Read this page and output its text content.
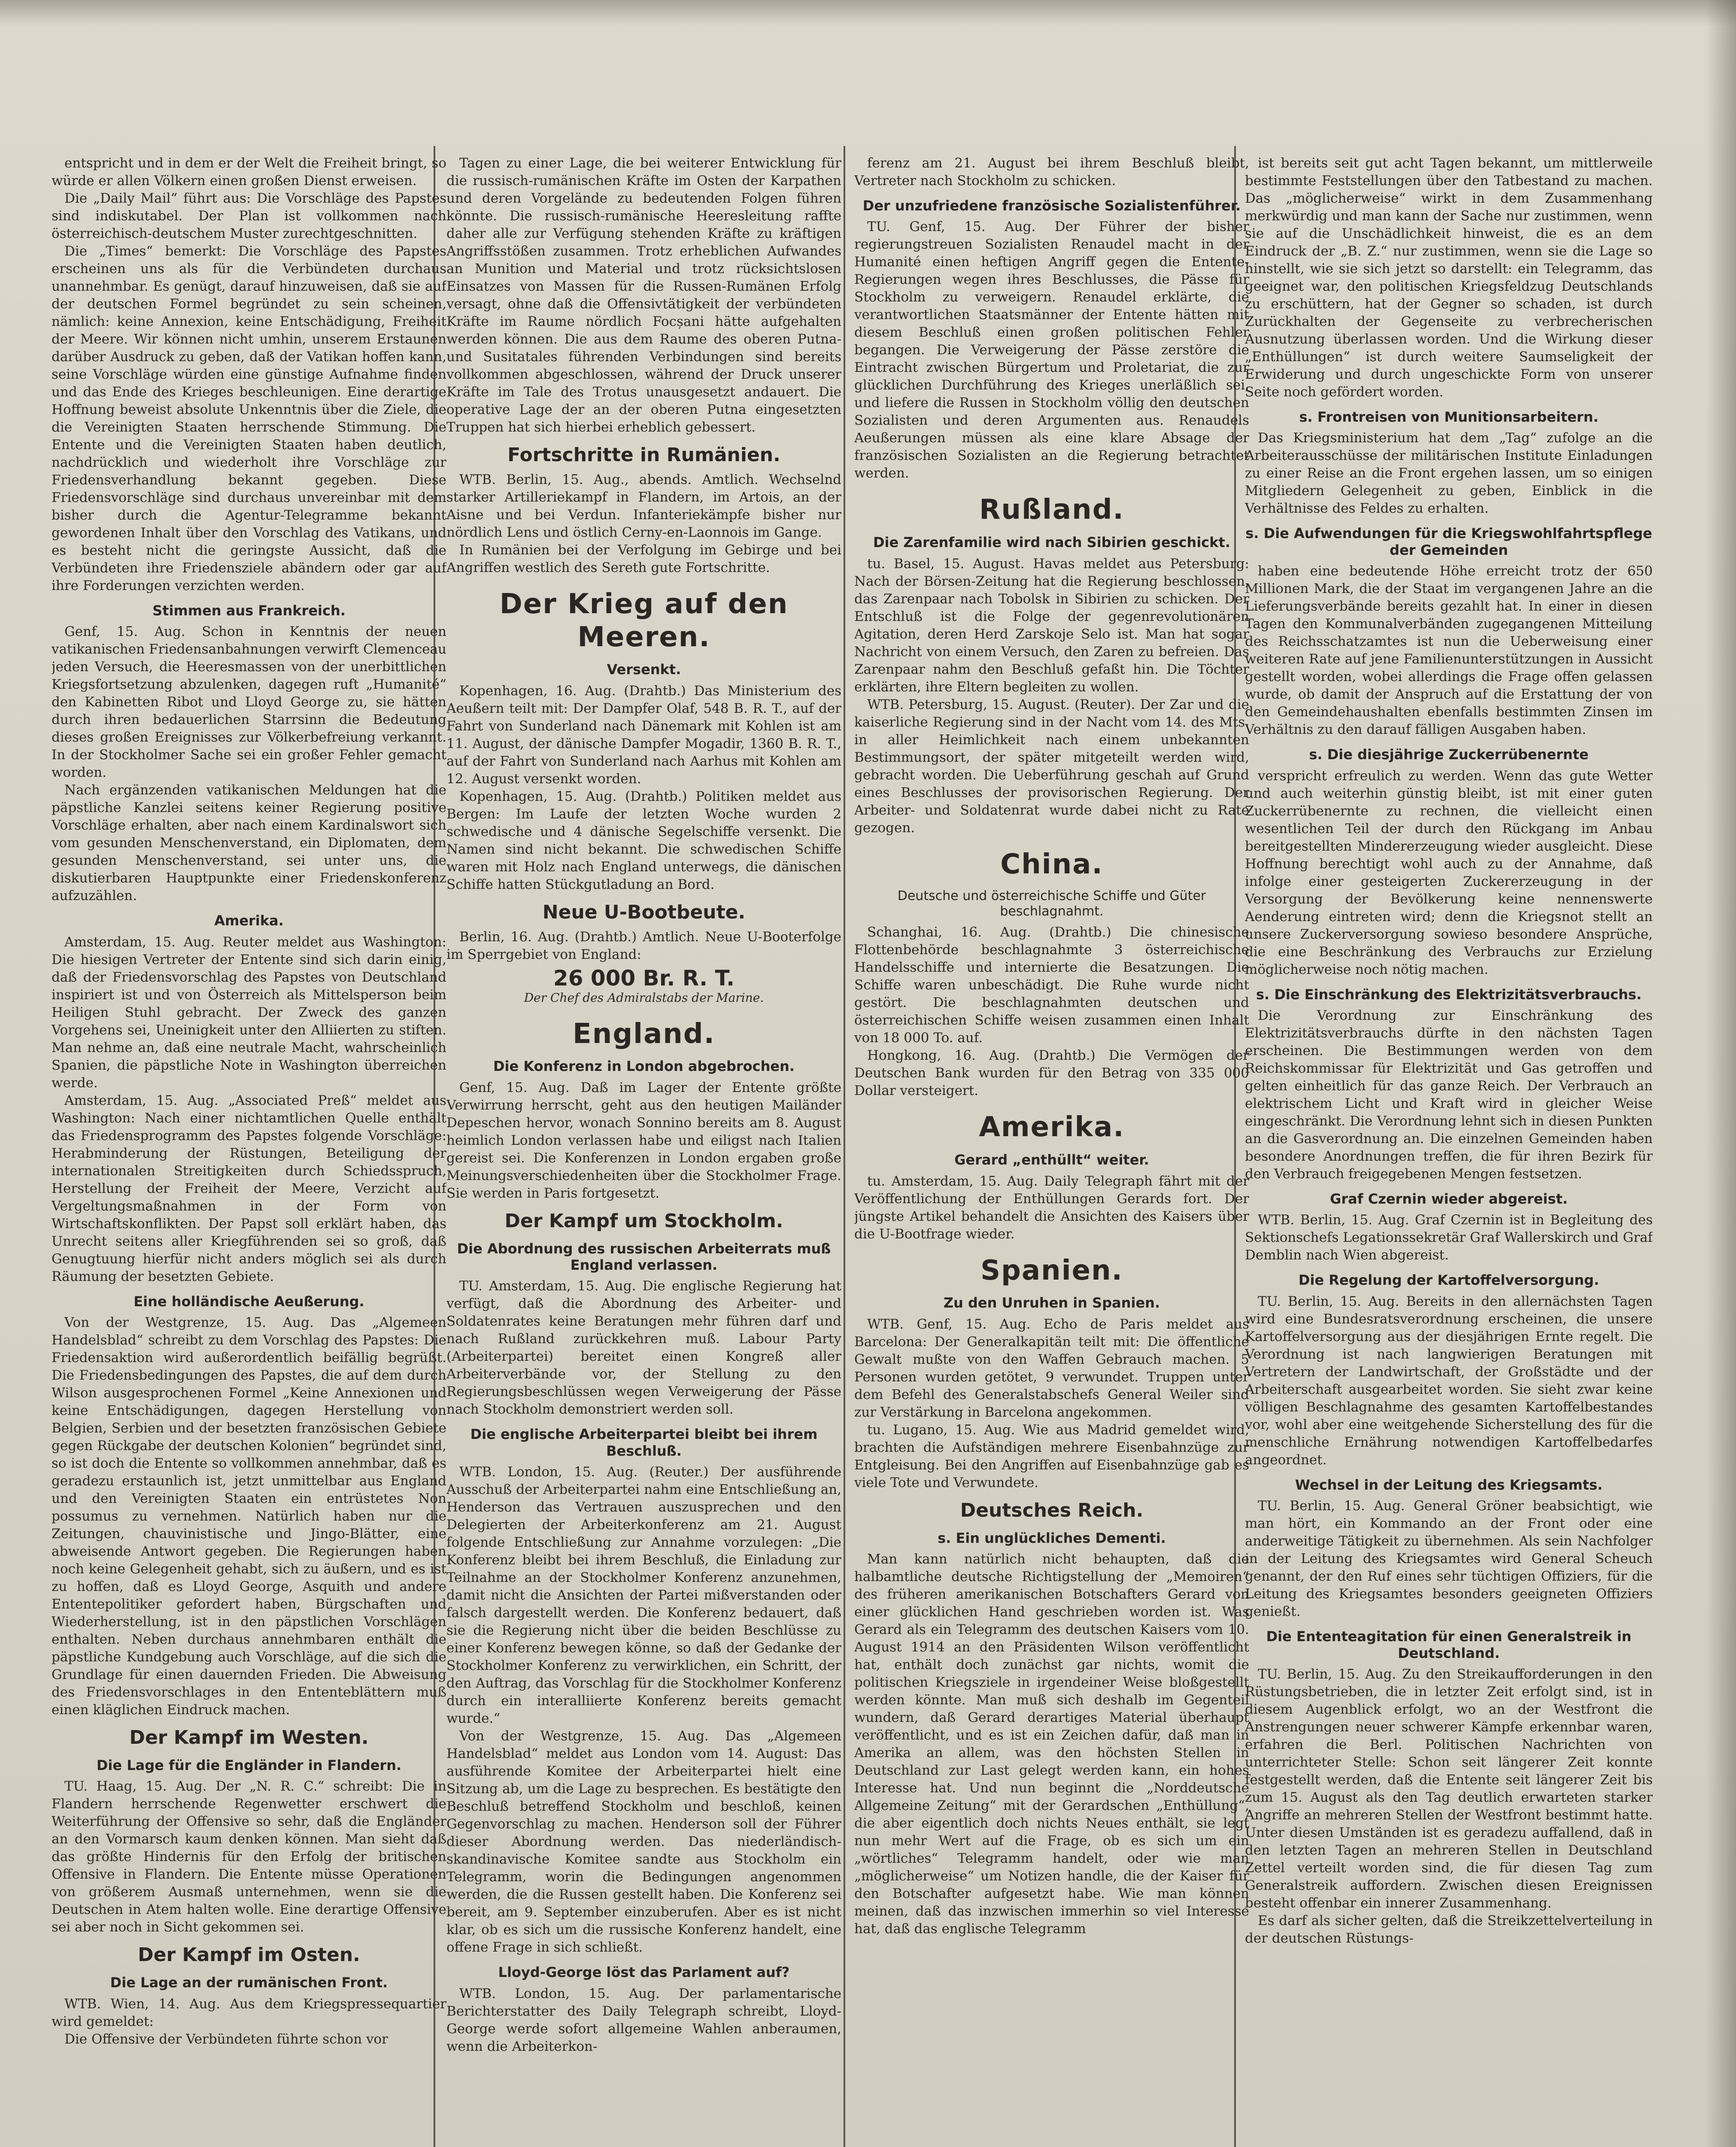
entspricht und in dem er der Welt die Freiheit bringt, so würde er allen Völkern einen großen Dienst erweisen.

Die „Daily Mail“ führt aus: Die Vorschläge des Papstes sind indiskutabel. Der Plan ist vollkommen nach österreichisch-deutschem Muster zurechtgeschnitten.

Die „Times“ bemerkt: Die Vorschläge des Papstes erscheinen uns als für die Verbündeten durchaus unannehmbar. Es genügt, darauf hinzuweisen, daß sie auf der deutschen Formel begründet zu sein scheinen, nämlich: keine Annexion, keine Entschädigung, Freiheit der Meere. Wir können nicht umhin, unserem Erstaunen darüber Ausdruck zu geben, daß der Vatikan hoffen kann, seine Vorschläge würden eine günstige Aufnahme finden und das Ende des Krieges beschleunigen. Eine derartige Hoffnung beweist absolute Unkenntnis über die Ziele, die die Vereinigten Staaten herrschende Stimmung. Die Entente und die Vereinigten Staaten haben deutlich, nachdrücklich und wiederholt ihre Vorschläge zur Friedensverhandlung bekannt gegeben. Diese Friedensvorschläge sind durchaus unvereinbar mit dem bisher durch die Agentur-Telegramme bekannt gewordenen Inhalt über den Vorschlag des Vatikans, und es besteht nicht die geringste Aussicht, daß die Verbündeten ihre Friedensziele abändern oder gar auf ihre Forderungen verzichten werden.

Stimmen aus Frankreich.

Genf, 15. Aug. Schon in Kenntnis der neuen vatikanischen Friedensanbahnungen verwirft Clemenceau jeden Versuch, die Heeresmassen von der unerbittlichen Kriegsfortsetzung abzulenken, dagegen ruft „Humanité“ den Kabinetten Ribot und Lloyd George zu, sie hätten durch ihren bedauerlichen Starrsinn die Bedeutung dieses großen Ereignisses zur Völkerbefreiung verkannt. In der Stockholmer Sache sei ein großer Fehler gemacht worden.

Nach ergänzenden vatikanischen Meldungen hat die päpstliche Kanzlei seitens keiner Regierung positive Vorschläge erhalten, aber nach einem Kardinalswort sich vom gesunden Menschenverstand, ein Diplomaten, dem gesunden Menschenverstand, sei unter uns, die diskutierbaren Hauptpunkte einer Friedenskonferenz aufzuzählen.

Amerika.

Amsterdam, 15. Aug. Reuter meldet aus Washington: Die hiesigen Vertreter der Entente sind sich darin einig, daß der Friedensvorschlag des Papstes von Deutschland inspiriert ist und von Österreich als Mittelsperson beim Heiligen Stuhl gebracht. Der Zweck des ganzen Vorgehens sei, Uneinigkeit unter den Alliierten zu stiften. Man nehme an, daß eine neutrale Macht, wahrscheinlich Spanien, die päpstliche Note in Washington überreichen werde.

Amsterdam, 15. Aug. „Associated Preß“ meldet aus Washington: Nach einer nichtamtlichen Quelle enthält das Friedensprogramm des Papstes folgende Vorschläge: Herabminderung der Rüstungen, Beteiligung der internationalen Streitigkeiten durch Schiedsspruch, Herstellung der Freiheit der Meere, Verzicht auf Vergeltungsmaßnahmen in der Form von Wirtschaftskonflikten. Der Papst soll erklärt haben, das Unrecht seitens aller Kriegführenden sei so groß, daß Genugtuung hierfür nicht anders möglich sei als durch Räumung der besetzten Gebiete.

Eine holländische Aeußerung.

Von der Westgrenze, 15. Aug. Das „Algemeen Handelsblad“ schreibt zu dem Vorschlag des Papstes: Die Friedensaktion wird außerordentlich beifällig begrüßt. Die Friedensbedingungen des Papstes, die auf dem durch Wilson ausgesprochenen Formel „Keine Annexionen und keine Entschädigungen, dagegen Herstellung von Belgien, Serbien und der besetzten französischen Gebiete gegen Rückgabe der deutschen Kolonien“ begründet sind, so ist doch die Entente so vollkommen annehmbar, daß es geradezu erstaunlich ist, jetzt unmittelbar aus England und den Vereinigten Staaten ein entrüstetes Non possumus zu vernehmen. Natürlich haben nur die Zeitungen, chauvinistische und Jingo-Blätter, eine abweisende Antwort gegeben. Die Regierungen haben noch keine Gelegenheit gehabt, sich zu äußern, und es ist zu hoffen, daß es Lloyd George, Asquith und andere Ententepolitiker gefordert haben, Bürgschaften und Wiederherstellung, ist in den päpstlichen Vorschlägen enthalten. Neben durchaus annehmbaren enthält die päpstliche Kundgebung auch Vorschläge, auf die sich die Grundlage für einen dauernden Frieden. Die Abweisung des Friedensvorschlages in den Ententeblättern muß einen kläglichen Eindruck machen.

Der Kampf im Westen.
Die Lage für die Engländer in Flandern.

TU. Haag, 15. Aug. Der „N. R. C.“ schreibt: Die in Flandern herrschende Regenwetter erschwert die Weiterführung der Offensive so sehr, daß die Engländer an den Vormarsch kaum denken können. Man sieht daß das größte Hindernis für den Erfolg der britischen Offensive in Flandern. Die Entente müsse Operationen von größerem Ausmaß unternehmen, wenn sie die Deutschen in Atem halten wolle. Eine derartige Offensive sei aber noch in Sicht gekommen sei.

Der Kampf im Osten.
Die Lage an der rumänischen Front.

WTB. Wien, 14. Aug. Aus dem Kriegspressequartier wird gemeldet:

Die Offensive der Verbündeten führte schon vor

Tagen zu einer Lage, die bei weiterer Entwicklung für die russisch-rumänischen Kräfte im Osten der Karpathen und deren Vorgelände zu bedeutenden Folgen führen könnte. Die russisch-rumänische Heeresleitung raffte daher alle zur Verfügung stehenden Kräfte zu kräftigen Angriffsstößen zusammen. Trotz erheblichen Aufwandes an Munition und Material und trotz rücksichtslosen Einsatzes von Massen für die Russen-Rumänen Erfolg versagt, ohne daß die Offensivtätigkeit der verbündeten Kräfte im Raume nördlich Focșani hätte aufgehalten werden können. Die aus dem Raume des oberen Putna- und Susitatales führenden Verbindungen sind bereits vollkommen abgeschlossen, während der Druck unserer Kräfte im Tale des Trotus unausgesetzt andauert. Die operative Lage der an der oberen Putna eingesetzten Truppen hat sich hierbei erheblich gebessert.

Fortschritte in Rumänien.

WTB. Berlin, 15. Aug., abends. Amtlich. Wechselnd starker Artilleriekampf in Flandern, im Artois, an der Aisne und bei Verdun. Infanteriekämpfe bisher nur nördlich Lens und östlich Cerny-en-Laonnois im Gange.

In Rumänien bei der Verfolgung im Gebirge und bei Angriffen westlich des Sereth gute Fortschritte.

Der Krieg auf den Meeren.
Versenkt.

Kopenhagen, 16. Aug. (Drahtb.) Das Ministerium des Aeußern teilt mit: Der Dampfer Olaf, 548 B. R. T., auf der Fahrt von Sunderland nach Dänemark mit Kohlen ist am 11. August, der dänische Dampfer Mogadir, 1360 B. R. T., auf der Fahrt von Sunderland nach Aarhus mit Kohlen am 12. August versenkt worden.

Kopenhagen, 15. Aug. (Drahtb.) Politiken meldet aus Bergen: Im Laufe der letzten Woche wurden 2 schwedische und 4 dänische Segelschiffe versenkt. Die Namen sind nicht bekannt. Die schwedischen Schiffe waren mit Holz nach England unterwegs, die dänischen Schiffe hatten Stückgutladung an Bord.

Neue U-Bootbeute.

Berlin, 16. Aug. (Drahtb.) Amtlich. Neue U-Booterfolge im Sperrgebiet von England:

26 000 Br. R. T.
Der Chef des Admiralstabs der Marine.
England.
Die Konferenz in London abgebrochen.

Genf, 15. Aug. Daß im Lager der Entente größte Verwirrung herrscht, geht aus den heutigen Mailänder Depeschen hervor, wonach Sonnino bereits am 8. August heimlich London verlassen habe und eiligst nach Italien gereist sei. Die Konferenzen in London ergaben große Meinungsverschiedenheiten über die Stockholmer Frage. Sie werden in Paris fortgesetzt.

Der Kampf um Stockholm.
Die Abordnung des russischen Arbeiterrats muß England verlassen.

TU. Amsterdam, 15. Aug. Die englische Regierung hat verfügt, daß die Abordnung des Arbeiter- und Soldatenrates keine Beratungen mehr führen darf und nach Rußland zurückkehren muß. Labour Party (Arbeiterpartei) bereitet einen Kongreß aller Arbeiterverbände vor, der Stellung zu den Regierungsbeschlüssen wegen Verweigerung der Pässe nach Stockholm demonstriert werden soll.

Die englische Arbeiterpartei bleibt bei ihrem Beschluß.

WTB. London, 15. Aug. (Reuter.) Der ausführende Ausschuß der Arbeiterpartei nahm eine Entschließung an, Henderson das Vertrauen auszusprechen und den Delegierten der Arbeiterkonferenz am 21. August folgende Entschließung zur Annahme vorzulegen: „Die Konferenz bleibt bei ihrem Beschluß, die Einladung zur Teilnahme an der Stockholmer Konferenz anzunehmen, damit nicht die Ansichten der Partei mißverstanden oder falsch dargestellt werden. Die Konferenz bedauert, daß sie die Regierung nicht über die beiden Beschlüsse zu einer Konferenz bewegen könne, so daß der Gedanke der Stockholmer Konferenz zu verwirklichen, ein Schritt, der den Auftrag, das Vorschlag für die Stockholmer Konferenz durch ein interalliierte Konferenz bereits gemacht wurde.“

Von der Westgrenze, 15. Aug. Das „Algemeen Handelsblad“ meldet aus London vom 14. August: Das ausführende Komitee der Arbeiterpartei hielt eine Sitzung ab, um die Lage zu besprechen. Es bestätigte den Beschluß betreffend Stockholm und beschloß, keinen Gegenvorschlag zu machen. Henderson soll der Führer dieser Abordnung werden. Das niederländisch-skandinavische Komitee sandte aus Stockholm ein Telegramm, worin die Bedingungen angenommen werden, die die Russen gestellt haben. Die Konferenz sei bereit, am 9. September einzuberufen. Aber es ist nicht klar, ob es sich um die russische Konferenz handelt, eine offene Frage in sich schließt.

Lloyd-George löst das Parlament auf?

WTB. London, 15. Aug. Der parlamentarische Berichterstatter des Daily Telegraph schreibt, Lloyd-George werde sofort allgemeine Wahlen anberaumen, wenn die Arbeiterkon-

ferenz am 21. August bei ihrem Beschluß bleibt, Vertreter nach Stockholm zu schicken.

Der unzufriedene französische Sozialistenführer.

TU. Genf, 15. Aug. Der Führer der bisher regierungstreuen Sozialisten Renaudel macht in der Humanité einen heftigen Angriff gegen die Entente-Regierungen wegen ihres Beschlusses, die Pässe für Stockholm zu verweigern. Renaudel erklärte, die verantwortlichen Staatsmänner der Entente hätten mit diesem Beschluß einen großen politischen Fehler begangen. Die Verweigerung der Pässe zerstöre die Eintracht zwischen Bürgertum und Proletariat, die zur glücklichen Durchführung des Krieges unerläßlich sei, und liefere die Russen in Stockholm völlig den deutschen Sozialisten und deren Argumenten aus. Renaudels Aeußerungen müssen als eine klare Absage der französischen Sozialisten an die Regierung betrachtet werden.

Rußland.
Die Zarenfamilie wird nach Sibirien geschickt.

tu. Basel, 15. August. Havas meldet aus Petersburg: Nach der Börsen-Zeitung hat die Regierung beschlossen, das Zarenpaar nach Tobolsk in Sibirien zu schicken. Der Entschluß ist die Folge der gegenrevolutionären Agitation, deren Herd Zarskoje Selo ist. Man hat sogar Nachricht von einem Versuch, den Zaren zu befreien. Das Zarenpaar nahm den Beschluß gefaßt hin. Die Töchter erklärten, ihre Eltern begleiten zu wollen.

WTB. Petersburg, 15. August. (Reuter). Der Zar und die kaiserliche Regierung sind in der Nacht vom 14. des Mts. in aller Heimlichkeit nach einem unbekannten Bestimmungsort, der später mitgeteilt werden wird, gebracht worden. Die Ueberführung geschah auf Grund eines Beschlusses der provisorischen Regierung. Der Arbeiter- und Soldatenrat wurde dabei nicht zu Rate gezogen.

China.
Deutsche und österreichische Schiffe und Güter beschlagnahmt.

Schanghai, 16. Aug. (Drahtb.) Die chinesische Flottenbehörde beschlagnahmte 3 österreichische Handelsschiffe und internierte die Besatzungen. Die Schiffe waren unbeschädigt. Die Ruhe wurde nicht gestört. Die beschlagnahmten deutschen und österreichischen Schiffe weisen zusammen einen Inhalt von 18 000 To. auf.

Hongkong, 16. Aug. (Drahtb.) Die Vermögen der Deutschen Bank wurden für den Betrag von 335 000 Dollar versteigert.

Amerika.
Gerard „enthüllt“ weiter.

tu. Amsterdam, 15. Aug. Daily Telegraph fährt mit der Veröffentlichung der Enthüllungen Gerards fort. Der jüngste Artikel behandelt die Ansichten des Kaisers über die U-Bootfrage wieder.

Spanien.
Zu den Unruhen in Spanien.

WTB. Genf, 15. Aug. Echo de Paris meldet aus Barcelona: Der Generalkapitän teilt mit: Die öffentliche Gewalt mußte von den Waffen Gebrauch machen. 5 Personen wurden getötet, 9 verwundet. Truppen unter dem Befehl des Generalstabschefs General Weiler sind zur Verstärkung in Barcelona angekommen.

tu. Lugano, 15. Aug. Wie aus Madrid gemeldet wird, brachten die Aufständigen mehrere Eisenbahnzüge zur Entgleisung. Bei den Angriffen auf Eisenbahnzüge gab es viele Tote und Verwundete.

Deutsches Reich.
s. Ein unglückliches Dementi.

Man kann natürlich nicht behaupten, daß die halbamtliche deutsche Richtigstellung der „Memoiren“ des früheren amerikanischen Botschafters Gerard von einer glücklichen Hand geschrieben worden ist. Was Gerard als ein Telegramm des deutschen Kaisers vom 10. August 1914 an den Präsidenten Wilson veröffentlicht hat, enthält doch zunächst gar nichts, womit die politischen Kriegsziele in irgendeiner Weise bloßgestellt werden könnte. Man muß sich deshalb im Gegenteil wundern, daß Gerard derartiges Material überhaupt veröffentlicht, und es ist ein Zeichen dafür, daß man in Amerika an allem, was den höchsten Stellen in Deutschland zur Last gelegt werden kann, ein hohes Interesse hat. Und nun beginnt die „Norddeutsche Allgemeine Zeitung“ mit der Gerardschen „Enthüllung“, die aber eigentlich doch nichts Neues enthält, sie legt nun mehr Wert auf die Frage, ob es sich um ein „wörtliches“ Telegramm handelt, oder wie man „möglicherweise“ um Notizen handle, die der Kaiser für den Botschafter aufgesetzt habe. Wie man können meinen, daß das inzwischen immerhin so viel Interesse hat, daß das englische Telegramm

ist bereits seit gut acht Tagen bekannt, um mittlerweile bestimmte Feststellungen über den Tatbestand zu machen. Das „möglicherweise“ wirkt in dem Zusammenhang merkwürdig und man kann der Sache nur zustimmen, wenn sie auf die Unschädlichkeit hinweist, die es an dem Eindruck der „B. Z.“ nur zustimmen, wenn sie die Lage so hinstellt, wie sie sich jetzt so darstellt: ein Telegramm, das geeignet war, den politischen Kriegsfeldzug Deutschlands zu erschüttern, hat der Gegner so schaden, ist durch Zurückhalten der Gegenseite zu verbrecherischen Ausnutzung überlassen worden. Und die Wirkung dieser „Enthüllungen“ ist durch weitere Saumseligkeit der Erwiderung und durch ungeschickte Form von unserer Seite noch gefördert worden.

s. Frontreisen von Munitionsarbeitern.

Das Kriegsministerium hat dem „Tag“ zufolge an die Arbeiterausschüsse der militärischen Institute Einladungen zu einer Reise an die Front ergehen lassen, um so einigen Mitgliedern Gelegenheit zu geben, Einblick in die Verhältnisse des Feldes zu erhalten.

s. Die Aufwendungen für die Kriegswohlfahrtspflege der Gemeinden

haben eine bedeutende Höhe erreicht trotz der 650 Millionen Mark, die der Staat im vergangenen Jahre an die Lieferungsverbände bereits gezahlt hat. In einer in diesen Tagen den Kommunalverbänden zugegangenen Mitteilung des Reichsschatzamtes ist nun die Ueberweisung einer weiteren Rate auf jene Familienunterstützungen in Aussicht gestellt worden, wobei allerdings die Frage offen gelassen wurde, ob damit der Anspruch auf die Erstattung der von den Gemeindehaushalten ebenfalls bestimmten Zinsen im Verhältnis zu den darauf fälligen Ausgaben haben.

s. Die diesjährige Zuckerrübenernte

verspricht erfreulich zu werden. Wenn das gute Wetter und auch weiterhin günstig bleibt, ist mit einer guten Zuckerrübenernte zu rechnen, die vielleicht einen wesentlichen Teil der durch den Rückgang im Anbau bereitgestellten Mindererzeugung wieder ausgleicht. Diese Hoffnung berechtigt wohl auch zu der Annahme, daß infolge einer gesteigerten Zuckererzeugung in der Versorgung der Bevölkerung keine nennenswerte Aenderung eintreten wird; denn die Kriegsnot stellt an unsere Zuckerversorgung sowieso besondere Ansprüche, die eine Beschränkung des Verbrauchs zur Erzielung möglicherweise noch nötig machen.

s. Die Einschränkung des Elektrizitätsverbrauchs.

Die Verordnung zur Einschränkung des Elektrizitätsverbrauchs dürfte in den nächsten Tagen erscheinen. Die Bestimmungen werden von dem Reichskommissar für Elektrizität und Gas getroffen und gelten einheitlich für das ganze Reich. Der Verbrauch an elektrischem Licht und Kraft wird in gleicher Weise eingeschränkt. Die Verordnung lehnt sich in diesen Punkten an die Gasverordnung an. Die einzelnen Gemeinden haben besondere Anordnungen treffen, die für ihren Bezirk für den Verbrauch freigegebenen Mengen festsetzen.

Graf Czernin wieder abgereist.

WTB. Berlin, 15. Aug. Graf Czernin ist in Begleitung des Sektionschefs Legationssekretär Graf Wallerskirch und Graf Demblin nach Wien abgereist.

Die Regelung der Kartoffelversorgung.

TU. Berlin, 15. Aug. Bereits in den allernächsten Tagen wird eine Bundesratsverordnung erscheinen, die unsere Kartoffelversorgung aus der diesjährigen Ernte regelt. Die Verordnung ist nach langwierigen Beratungen mit Vertretern der Landwirtschaft, der Großstädte und der Arbeiterschaft ausgearbeitet worden. Sie sieht zwar keine völligen Beschlagnahme des gesamten Kartoffelbestandes vor, wohl aber eine weitgehende Sicherstellung des für die menschliche Ernährung notwendigen Kartoffelbedarfes angeordnet.

Wechsel in der Leitung des Kriegsamts.

TU. Berlin, 15. Aug. General Gröner beabsichtigt, wie man hört, ein Kommando an der Front oder eine anderweitige Tätigkeit zu übernehmen. Als sein Nachfolger in der Leitung des Kriegsamtes wird General Scheuch genannt, der den Ruf eines sehr tüchtigen Offiziers, für die Leitung des Kriegsamtes besonders geeigneten Offiziers genießt.

Die Ententeagitation für einen Generalstreik in Deutschland.

TU. Berlin, 15. Aug. Zu den Streikaufforderungen in den Rüstungsbetrieben, die in letzter Zeit erfolgt sind, ist in diesem Augenblick erfolgt, wo an der Westfront die Anstrengungen neuer schwerer Kämpfe erkennbar waren, erfahren die Berl. Politischen Nachrichten von unterrichteter Stelle: Schon seit längerer Zeit konnte festgestellt werden, daß die Entente seit längerer Zeit bis zum 15. August als den Tag deutlich erwarteten starker Angriffe an mehreren Stellen der Westfront bestimmt hatte. Unter diesen Umständen ist es geradezu auffallend, daß in den letzten Tagen an mehreren Stellen in Deutschland Zettel verteilt worden sind, die für diesen Tag zum Generalstreik auffordern. Zwischen diesen Ereignissen besteht offenbar ein innerer Zusammenhang.

Es darf als sicher gelten, daß die Streikzettelverteilung in der deutschen Rüstungs-
